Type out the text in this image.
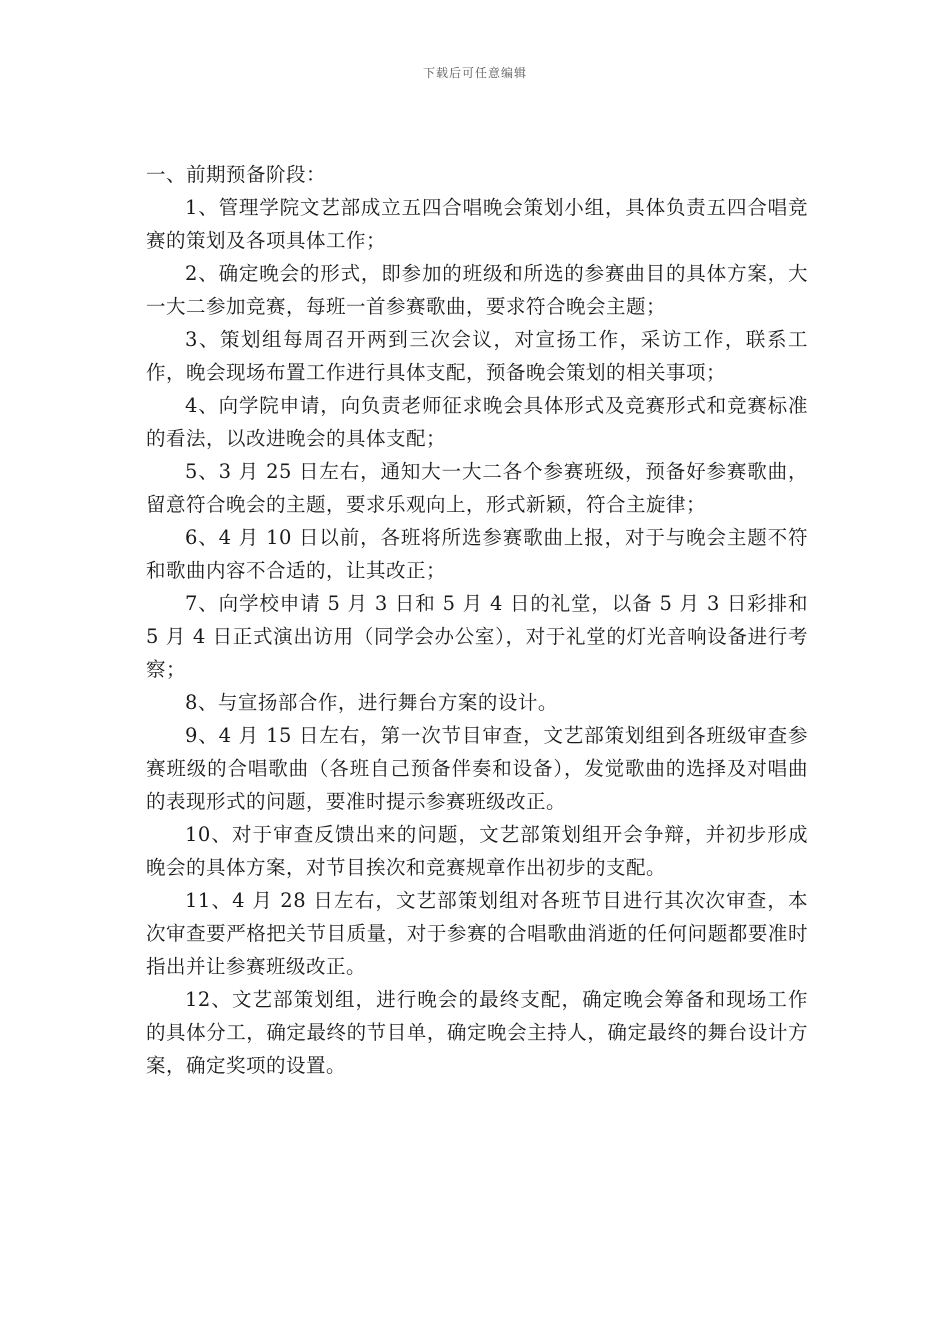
下载后可任意编辑

一、前期预备阶段：

1、管理学院文艺部成立五四合唱晚会策划小组，具体负责五四合唱竞赛的策划及各项具体工作；

2、确定晚会的形式，即参加的班级和所选的参赛曲目的具体方案，大一大二参加竞赛，每班一首参赛歌曲，要求符合晚会主题；

3、策划组每周召开两到三次会议，对宣扬工作，采访工作，联系工作，晚会现场布置工作进行具体支配，预备晚会策划的相关事项；

4、向学院申请，向负责老师征求晚会具体形式及竞赛形式和竞赛标准的看法，以改进晚会的具体支配；

5、3 月 25 日左右，通知大一大二各个参赛班级，预备好参赛歌曲，留意符合晚会的主题，要求乐观向上，形式新颖，符合主旋律；

6、4 月 10 日以前，各班将所选参赛歌曲上报，对于与晚会主题不符和歌曲内容不合适的，让其改正；

7、向学校申请 5 月 3 日和 5 月 4 日的礼堂，以备 5 月 3 日彩排和 5 月 4 日正式演出访用（同学会办公室），对于礼堂的灯光音响设备进行考察；

8、与宣扬部合作，进行舞台方案的设计。

9、4 月 15 日左右，第一次节目审查，文艺部策划组到各班级审查参赛班级的合唱歌曲（各班自己预备伴奏和设备），发觉歌曲的选择及对唱曲的表现形式的问题，要准时提示参赛班级改正。

10、对于审查反馈出来的问题，文艺部策划组开会争辩，并初步形成晚会的具体方案，对节目挨次和竞赛规章作出初步的支配。

11、4 月 28 日左右，文艺部策划组对各班节目进行其次次审查，本次审查要严格把关节目质量，对于参赛的合唱歌曲消逝的任何问题都要准时指出并让参赛班级改正。

12、文艺部策划组，进行晚会的最终支配，确定晚会筹备和现场工作的具体分工，确定最终的节目单，确定晚会主持人，确定最终的舞台设计方案，确定奖项的设置。
